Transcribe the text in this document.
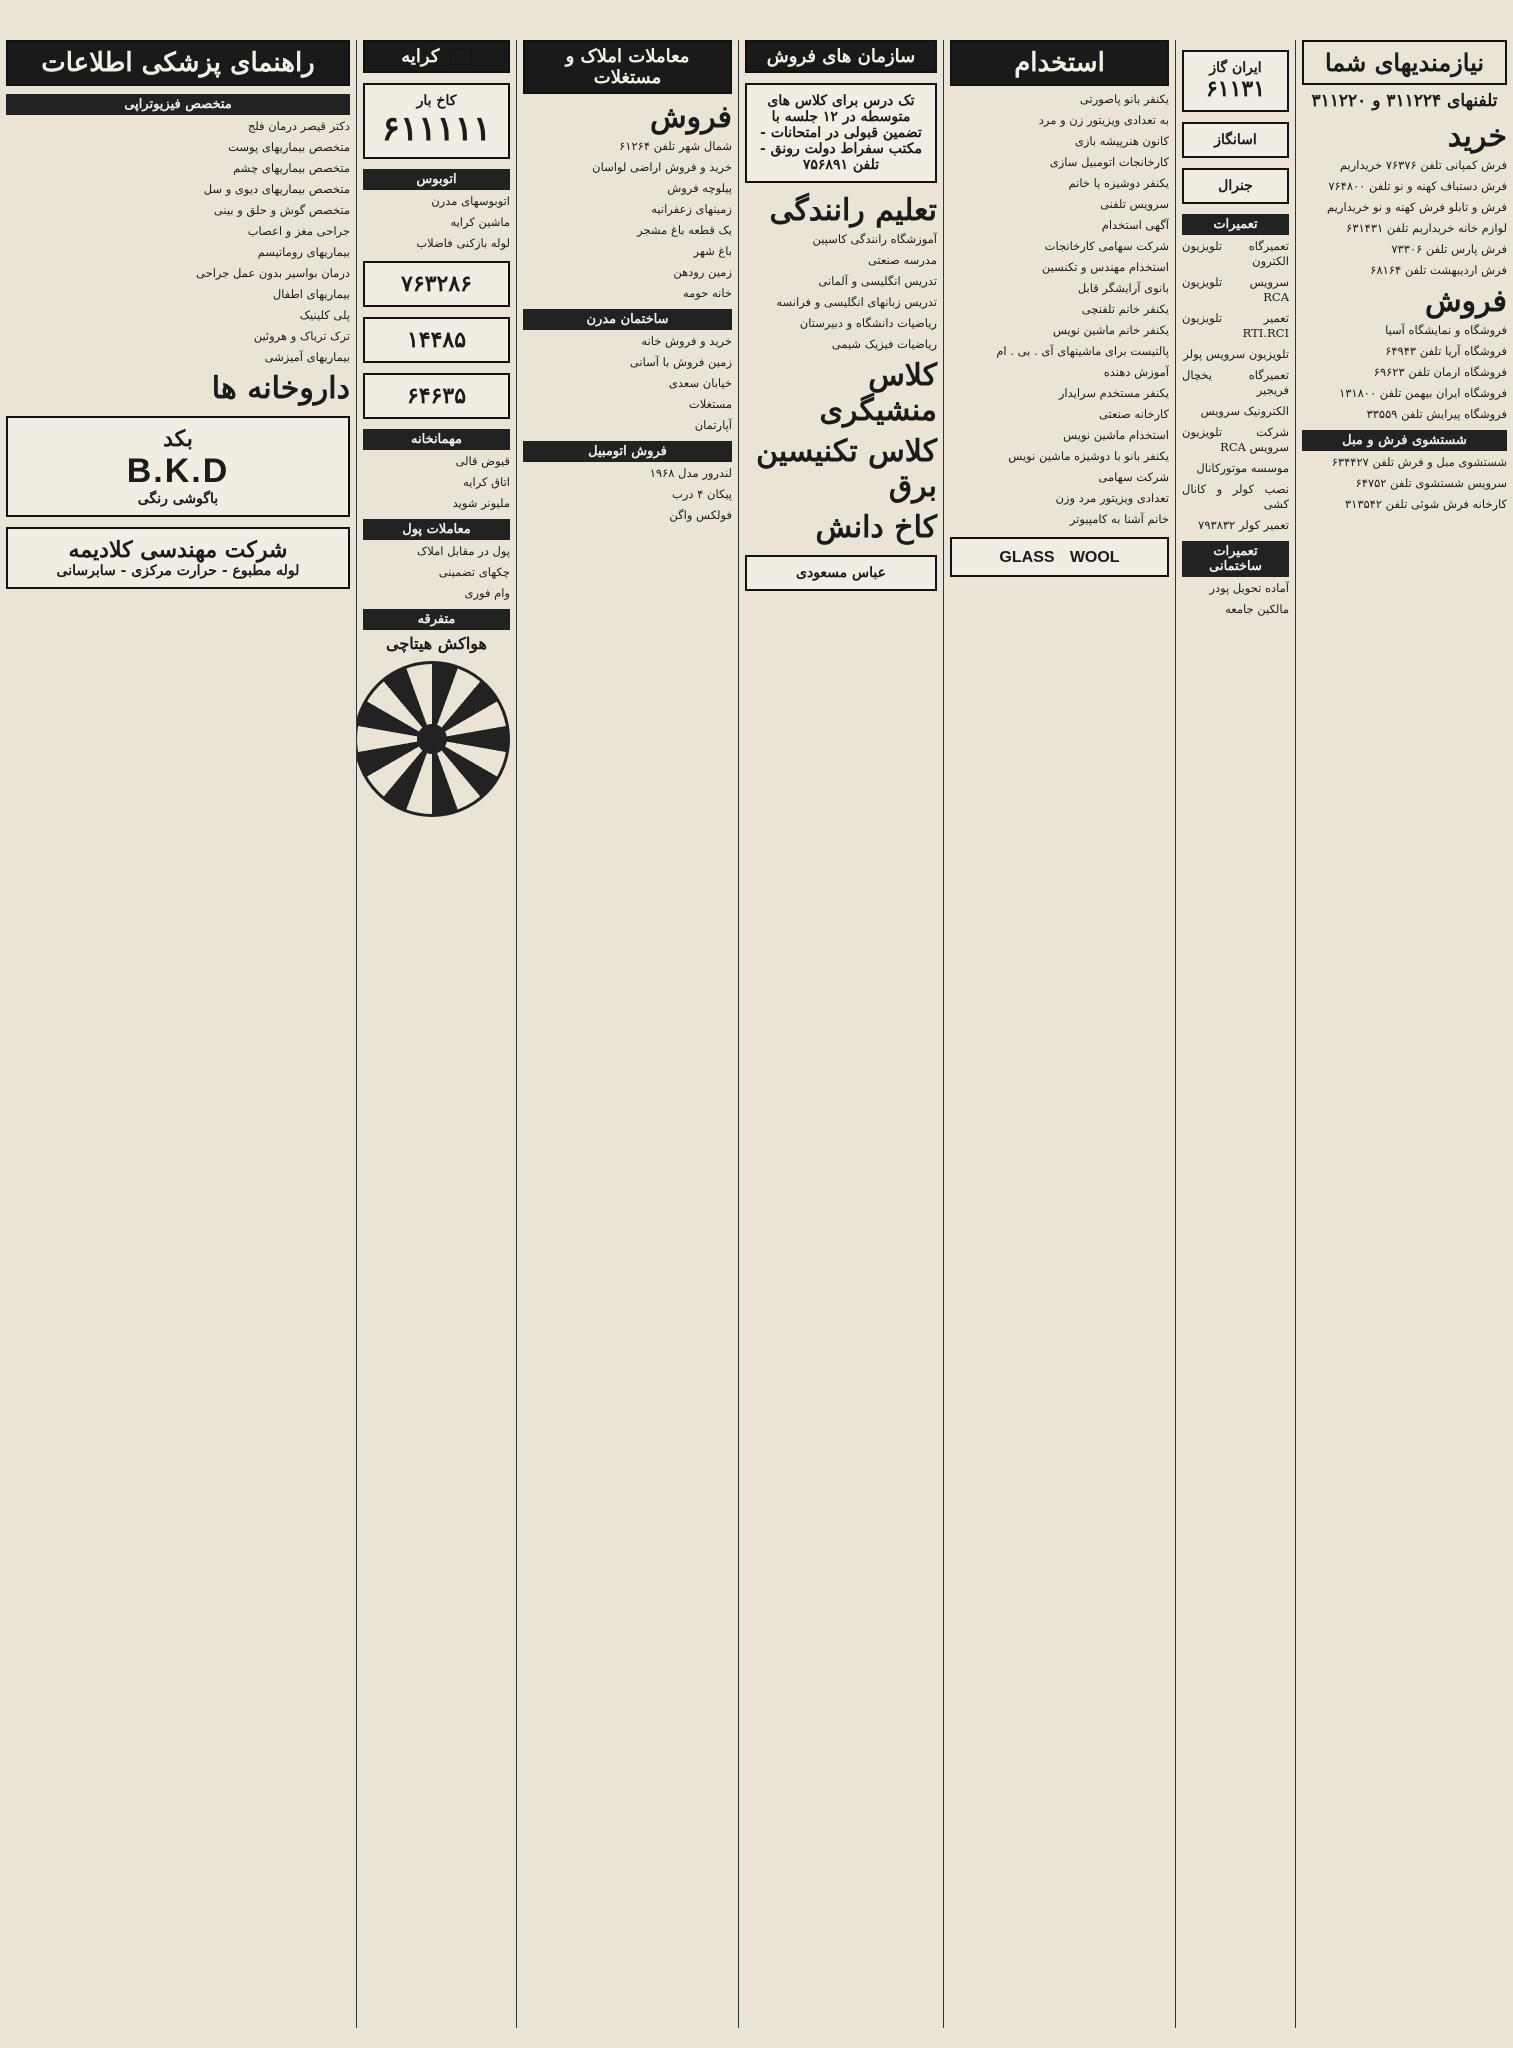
نیازمندیهای شما
تلفنهای ۳۱۱۲۲۴ و ۳۱۱۲۲۰
خرید
فرش کمپانی تلفن ۷۶۳۷۶ خریداریم
فرش دستباف کهنه و نو تلفن ۷۶۴۸۰۰
فرش و تابلو فرش کهنه و نو خریداریم
لوازم خانه خریداریم تلفن ۶۳۱۴۳۱
فرش پارس تلفن ۷۳۳۰۶
فرش اردیبهشت تلفن ۶۸۱۶۴
فروش
فروشگاه و نمایشگاه آسیا
فروشگاه آریا تلفن ۶۴۹۴۳
فروشگاه ارمان تلفن ۶۹۶۲۳
فروشگاه ایران بیهمن تلفن ۱۳۱۸۰۰
فروشگاه پیرایش تلفن ۳۳۵۵۹
شستشوی فرش و مبل
شستشوی مبل و فرش تلفن ۶۳۴۴۲۷
سرویس شستشوی تلفن ۶۴۷۵۲
کارخانه فرش شوئی تلفن ۳۱۳۵۴۲
ایران گاز
۶۱۱۳۱
اسانگاز
جنرال
تعمیرات
تعمیرگاه تلویزیون الکترون
سرویس تلویزیون RCA
تعمیر تلویزیون RTI.RCI
تلویزیون سرویس پولر
تعمیرگاه یخچال فریجیر
الکترونیک سرویس
شرکت تلویزیون سرویس RCA
موسسه موتورکانال
نصب کولر و کانال کشی
تعمیر کولر ۷۹۳۸۳۲
تعمیرات ساختمانی
آماده تحویل پودر
مالکین جامعه
استخدام
یکنفر بانو پاصورتی
به تعدادی ویزیتور زن و مرد
کانون هنرپیشه بازی
کارخانجات اتومبیل سازی
یکنفر دوشیزه یا خانم
سرویس تلفنی
آگهی استخدام
شرکت سهامی کارخانجات
استخدام مهندس و تکنسین
بانوی آرایشگر قابل
یکنفر خانم تلفنچی
یکنفر خانم ماشین نویس
پالتیست برای ماشینهای آی . بی . ام
آموزش دهنده
یکنفر مستخدم سرایدار
کارخانه صنعتی
استخدام ماشین نویس
یکنفر بانو با دوشیزه ماشین نویس
شرکت سهامی
تعدادی ویزیتور مرد وزن
خانم آشنا به کامپیوتر
GLASS WOOL
سازمان های فروش
تک درس برای کلاس های متوسطه در ۱۲ جلسه با تضمین قبولی در امتحانات - مکتب سفراط دولت رونق - تلفن ۷۵۶۸۹۱
تعلیم رانندگی
آموزشگاه رانندگی کاسپین
مدرسه صنعتی
تدریس انگلیسی و آلمانی
تدریس زبانهای انگلیسی و فرانسه
ریاضیات دانشگاه و دبیرستان
ریاضیات فیزیک شیمی
کلاس منشیگری
کلاس تکنیسین برق
کاخ دانش
عباس مسعودی
معاملات املاک و مستغلات
فروش
شمال شهر تلفن ۶۱۲۶۴
خرید و فروش اراضی لواسان
پیلوچه فروش
زمینهای زعفرانیه
یک قطعه باغ مشجر
باغ شهر
زمین رودهن
خانه حومه
ساختمان مدرن
خرید و فروش خانه
زمین فروش با آسانی
خیابان سعدی
مستغلات
آپارتمان
فروش اتومبیل
لندرور مدل ۱۹۶۸
پیکان ۴ درب
فولکس واگن
کرایه
کاخ بار
۶۱۱۱۱۱
اتوبوس
اتوبوسهای مدرن
ماشین کرایه
لوله بازکنی فاضلاب
۷۶۳۲۸۶
۱۴۴۸۵
۶۴۶۳۵
مهمانخانه
قیوض قالی
اتاق کرایه
ملیونر شوید
معاملات پول
پول در مقابل املاک
چکهای تضمینی
وام فوری
متفرقه
هواکش هیتاچی
راهنمای پزشکی اطلاعات
متخصص فیزیوتراپی
دکتر قیصر درمان فلج
متخصص بیماریهای پوست
متخصص بیماریهای چشم
متخصص بیماریهای دیوی و سل
متخصص گوش و حلق و بینی
جراحی مغز و اعصاب
بیماریهای روماتیسم
درمان بواسیر بدون عمل جراحی
بیماریهای اطفال
پلی کلینیک
ترک تریاک و هروئین
بیماریهای آمیزشی
داروخانه ها
بکد
B.K.D
باگوشی رنگی
شرکت مهندسی کلادیمه
لوله مطبوع - حرارت مرکزی - سابرسانی
